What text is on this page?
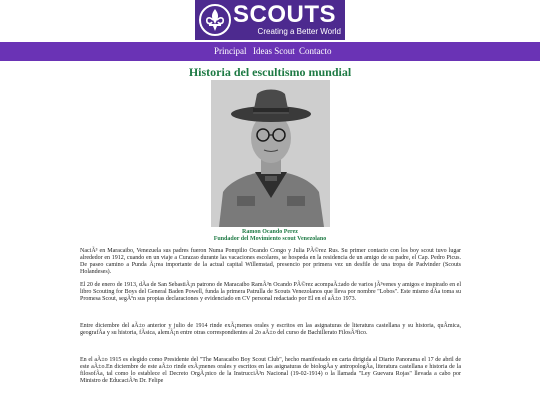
SCOUTS
Creating a Better World
Principal Ideas Scout Contacto
Historia del escultismo mundial
Ramon Ocando Perez
Fundador del Movimiento scout Venezolano

NaciÃ³ en Maracaibo, Venezuela sus padres fueron Numa Pompilio Ocando Congo y Julia PÃ©rez Rus. Su primer contacto con los boy scout tuvo lugar alrededor en 1912, cuando en un viaje a Curazao durante las vacaciones escolares, se hospeda en la residencia de un amigo de su padre, el Cap. Pedro Picus. De paseo camino a Punda Ã¡rea importante de la actual capital Willemstad, presencio por primera vez un desfile de una tropa de Padvinder (Scouts Holandeses).

El 20 de enero de 1913, dÃa de San SebastiÃ¡n patrono de Maracaibo RamÃ³n Ocando PÃ©rez acompaÃ±ado de varios jÃ³venes y amigos e inspirado en el libro Scouting for Boys del General Baden Powell, funda la primera Patrulla de Scouts Venezolanos que lleva por nombre "Lobos". Este mismo dÃa toma su Promesa Scout, segÃºn sus propias declaraciones y evidenciado en CV personal redactado por El en el aÃ±o 1973.

Entre diciembre del aÃ±o anterior y julio de 1914 rinde exÃ¡menes orales y escritos en las asignaturas de literatura castellana y su historia, quÃmica, geografÃa y su historia, fÃsica, alemÃ¡n entre otras correspondientes al 2o aÃ±o del curso de Bachillerato FilosÃ³fico.

En el aÃ±o 1915 es elegido como Presidente del "The Maracaibo Boy Scout Club", hecho manifestado en carta dirigida al Diario Panorama el 17 de abril de este aÃ±o.En diciembre de este aÃ±o rinde exÃ¡menes orales y escritos en las asignaturas de biologÃa y antropologÃa, literatura castellana e historia de la filosofÃa, tal como lo establece el Decreto OrgÃ¡nico de la InstrucciÃ³n Nacional (19-02-1914) o la llamada "Ley Guevara Rojas" llevada a cabo por Ministro de EducaciÃ³n Dr. Felipe
